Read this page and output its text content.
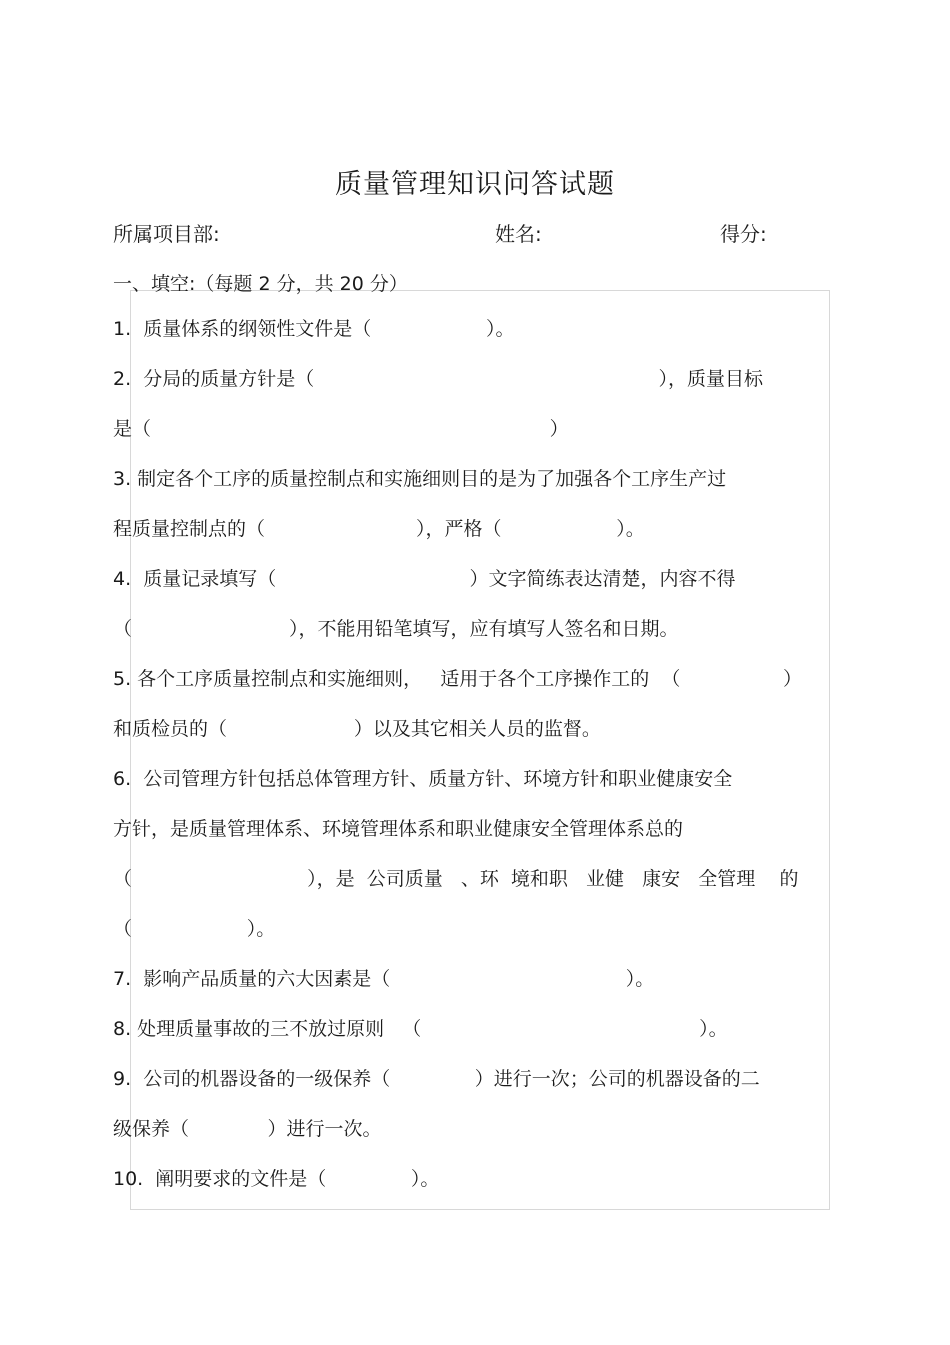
质量管理知识问答试题
所属项目部:	姓名:	得分:
一、填空:（每题 2 分，共 20 分）
1.  质量体系的纲领性文件是（                   ）。
2.  分局的质量方针是（                                                         ），质量目标
是（                                                                  ）
3. 制定各个工序的质量控制点和实施细则目的是为了加强各个工序生产过
程质量控制点的（                         ），严格（                   ）。
4.  质量记录填写（                                ）文字简练表达清楚，内容不得
（                          ），不能用铅笔填写，应有填写人签名和日期。
5. 各个工序质量控制点和实施细则，   适用于各个工序操作工的  （                 ）
和质检员的（                     ）以及其它相关人员的监督。
6.  公司管理方针包括总体管理方针、质量方针、环境方针和职业健康安全
方针，是质量管理体系、环境管理体系和职业健康安全管理体系总的
（                             ），是  公司质量   、环  境和职   业健   康安   全管理    的
（                   ）。
7.  影响产品质量的六大因素是（                                       ）。
8. 处理质量事故的三不放过原则   （                                              ）。
9.  公司的机器设备的一级保养（              ）进行一次；公司的机器设备的二
级保养（             ）进行一次。
10.  阐明要求的文件是（              ）。
